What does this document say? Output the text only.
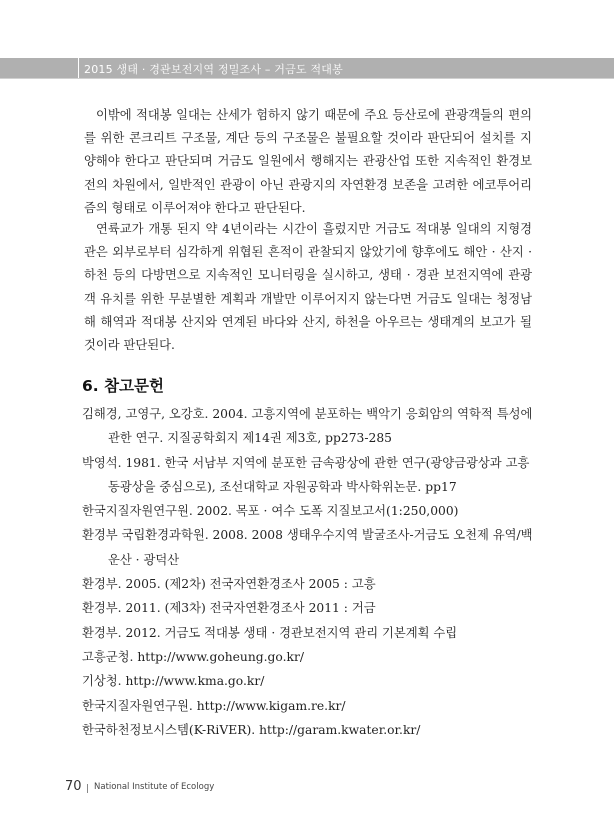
2015 생태 · 경관보전지역 정밀조사 – 거금도 적대봉

이밖에 적대봉 일대는 산세가 험하지 않기 때문에 주요 등산로에 관광객들의 편의를 위한 콘크리트 구조물, 계단 등의 구조물은 불필요할 것이라 판단되어 설치를 지양해야 한다고 판단되며 거금도 일원에서 행해지는 관광산업 또한 지속적인 환경보전의 차원에서, 일반적인 관광이 아닌 관광지의 자연환경 보존을 고려한 에코투어리즘의 형태로 이루어져야 한다고 판단된다.

연륙교가 개통 된지 약 4년이라는 시간이 흘렀지만 거금도 적대봉 일대의 지형경관은 외부로부터 심각하게 위협된 흔적이 관찰되지 않았기에 향후에도 해안 · 산지 · 하천 등의 다방면으로 지속적인 모니터링을 실시하고, 생태 · 경관 보전지역에 관광객 유치를 위한 무분별한 계획과 개발만 이루어지지 않는다면 거금도 일대는 청정남해 해역과 적대봉 산지와 연계된 바다와 산지, 하천을 아우르는 생태계의 보고가 될 것이라 판단된다.

6. 참고문헌
김해경, 고영구, 오강호. 2004. 고흥지역에 분포하는 백악기 응회암의 역학적 특성에 관한 연구. 지질공학회지 제14권 제3호, pp273-285
박영석. 1981. 한국 서남부 지역에 분포한 금속광상에 관한 연구(광양금광상과 고흥동광상을 중심으로), 조선대학교 자원공학과 박사학위논문. pp17
한국지질자원연구원. 2002. 목포 · 여수 도폭 지질보고서(1:250,000)
환경부 국립환경과학원. 2008. 2008 생태우수지역 발굴조사-거금도 오천제 유역/백운산 · 광덕산
환경부. 2005. (제2차) 전국자연환경조사 2005 : 고흥
환경부. 2011. (제3차) 전국자연환경조사 2011 : 거금
환경부. 2012. 거금도 적대봉 생태 · 경관보전지역 관리 기본계획 수립
고흥군청. http://www.goheung.go.kr/
기상청. http://www.kma.go.kr/
한국지질자원연구원. http://www.kigam.re.kr/
한국하천정보시스템(K-RiVER). http://garam.kwater.or.kr/
70 National Institute of Ecology
